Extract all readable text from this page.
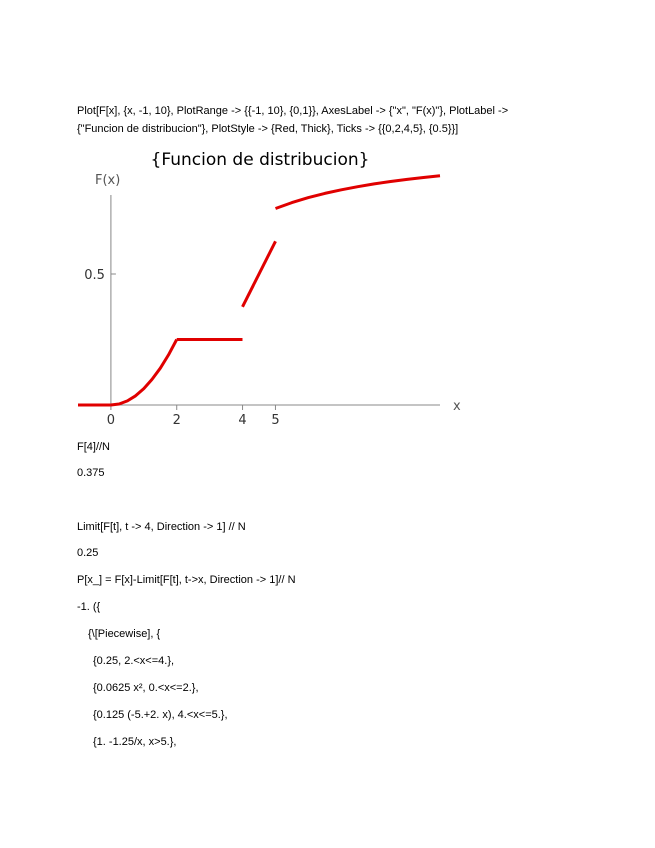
Plot[F[x], {x, -1, 10}, PlotRange -> {{-1, 10}, {0,1}}, AxesLabel -> {"x", "F(x)"}, PlotLabel ->
{"Funcion de distribucion"}, PlotStyle -> {Red, Thick}, Ticks -> {{0,2,4,5}, {0.5}}]
{Funcion de distribucion}
F(x)
x
0	2	4 5
0.5
F[4]//N
0.375
Limit[F[t], t -> 4, Direction -> 1] // N
0.25
P[x_] = F[x]-Limit[F[t], t->x, Direction -> 1]// N
-1. ({
{\[Piecewise], {
{0.25, 2.<x<=4.},
{0.0625 x², 0.<x<=2.},
{0.125 (-5.+2. x), 4.<x<=5.},
{1. -1.25/x, x>5.},
